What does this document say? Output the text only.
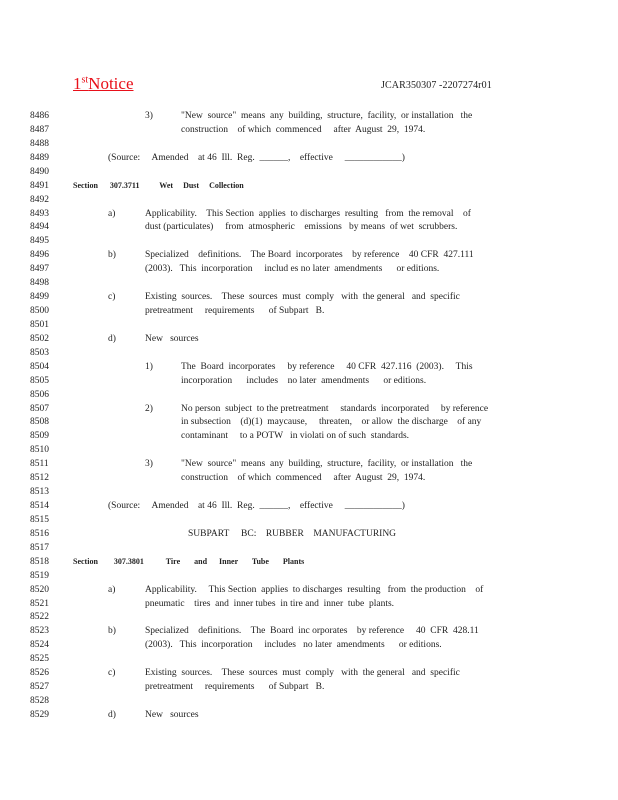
1stNotice	JCAR350307 -2207274r01
8486
8487
8488
8489
8490
8491
8492
8493
8494
8495
8496
8497
8498
8499
8500
8501
8502
8503
8504
8505
8506
8507
8508
8509
8510
8511
8512
8513
8514
8515
8516
8517
8518
8519
8520
8521
8522
8523
8524
8525
8526
8527
8528
8529
3)	"New  source"  means  any  building,  structure,  facility,  or installation   the
construction    of which  commenced     after  August  29,  1974.
(Source:     Amended    at 46  Ill.  Reg.  ______,    effective     ____________)
Section      307.3711          Wet     Dust     Collection
a)	Applicability.    This Section  applies  to discharges  resulting   from  the removal    of
dust (particulates)     from  atmospheric    emissions   by means  of wet  scrubbers.
b)	Specialized    definitions.    The Board  incorporates    by reference    40 CFR  427.111
(2003).   This  incorporation     includ es no later  amendments      or editions.
c)	Existing  sources.    These  sources  must  comply   with  the general   and  specific
pretreatment     requirements      of Subpart   B.
d)	New   sources
1)	The  Board  incorporates     by reference     40 CFR  427.116  (2003).     This
incorporation      includes    no later  amendments      or editions.
2)	No person  subject  to the pretreatment     standards  incorporated     by reference
in subsection    (d)(1)  maycause,     threaten,    or allow  the discharge    of any
contaminant     to a POTW   in violati on of such  standards.
3)	"New  source"  means  any  building,  structure,  facility,  or installation   the
construction    of which  commenced     after  August  29,  1974.
(Source:     Amended    at 46  Ill.  Reg.  ______,    effective     ____________)
SUBPART     BC:    RUBBER    MANUFACTURING
Section        307.3801           Tire       and      Inner       Tube       Plants
a)	Applicability.     This Section  applies  to discharges  resulting   from  the production    of
pneumatic    tires  and  inner tubes  in tire and  inner  tube  plants.
b)	Specialized    definitions.    The  Board  inc orporates    by reference     40  CFR  428.11
(2003).   This  incorporation     includes   no later  amendments      or editions.
c)	Existing  sources.    These  sources  must  comply   with  the general   and  specific
pretreatment     requirements      of Subpart   B.
d)	New   sources
